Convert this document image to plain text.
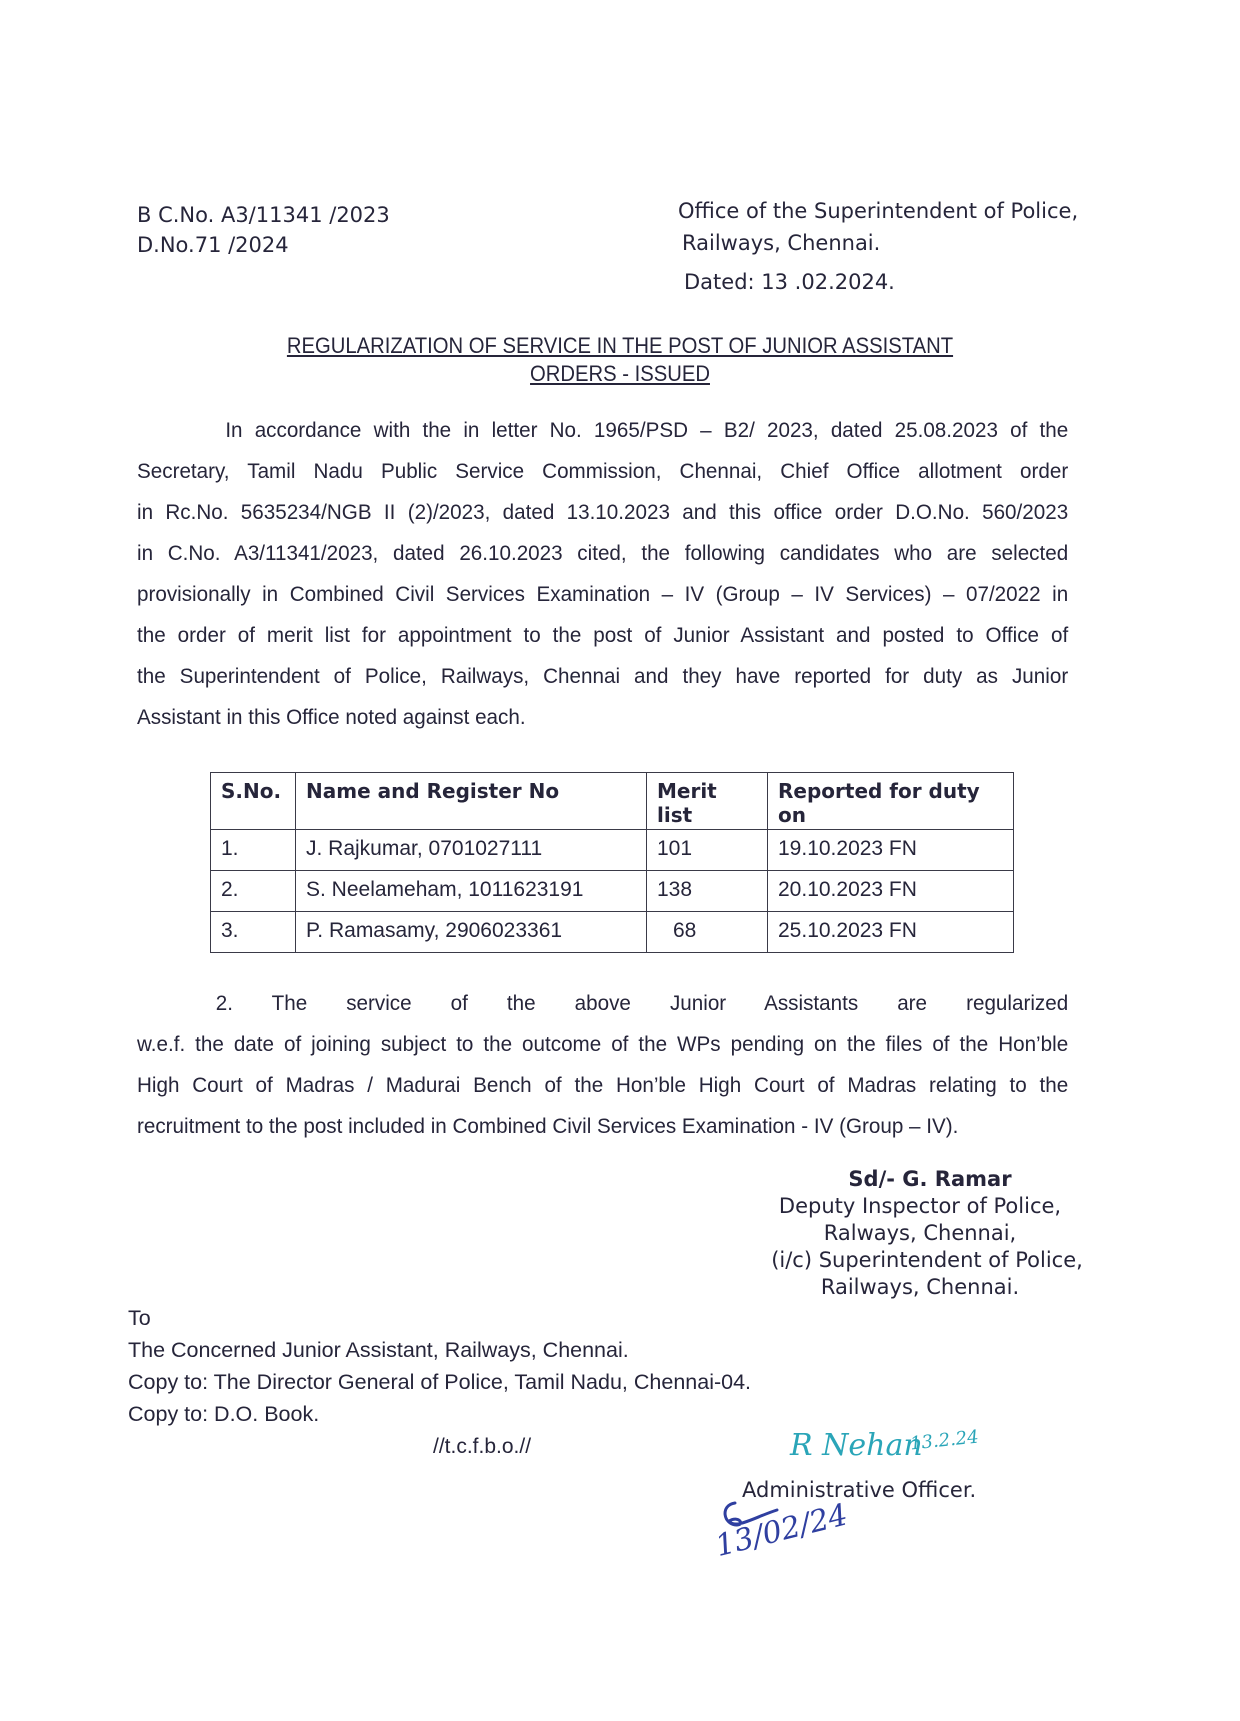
B C.No. A3/11341 /2023
D.No.71 /2024
Office of the Superintendent of Police,
Railways, Chennai.
Dated: 13 .02.2024.
REGULARIZATION OF SERVICE IN THE POST OF JUNIOR ASSISTANT
ORDERS - ISSUED
In accordance with the in letter No. 1965/PSD – B2/ 2023, dated 25.08.2023 of the
Secretary, Tamil Nadu Public Service Commission, Chennai, Chief Office allotment order
in Rc.No. 5635234/NGB II (2)/2023, dated 13.10.2023 and this office order D.O.No. 560/2023
in C.No. A3/11341/2023, dated 26.10.2023 cited, the following candidates who are selected
provisionally in Combined Civil Services Examination – IV (Group – IV Services) – 07/2022 in
the order of merit list for appointment to the post of Junior Assistant and posted to Office of
the Superintendent of Police, Railways, Chennai and they have reported for duty as Junior
Assistant in this Office noted against each.
S.No.	Name and Register No	Merit list	Reported for duty on
1.	J. Rajkumar, 0701027111	101	19.10.2023 FN
2.	S. Neelameham, 1011623191	138	20.10.2023 FN
3.	P. Ramasamy, 2906023361	68	25.10.2023 FN
2. The service of the above Junior Assistants are regularized
w.e.f. the date of joining subject to the outcome of the WPs pending on the files of the Hon’ble
High Court of Madras / Madurai Bench of the Hon’ble High Court of Madras relating to the
recruitment to the post included in Combined Civil Services Examination - IV (Group – IV).
Sd/- G. Ramar
Deputy Inspector of Police,
Ralways, Chennai,
(i/c) Superintendent of Police,
Railways, Chennai.
To
The Concerned Junior Assistant, Railways, Chennai.
Copy to: The Director General of Police, Tamil Nadu, Chennai-04.
Copy to: D.O. Book.
//t.c.f.b.o.//	R Nehan
13.2.24
Administrative Officer.
13/02/24
